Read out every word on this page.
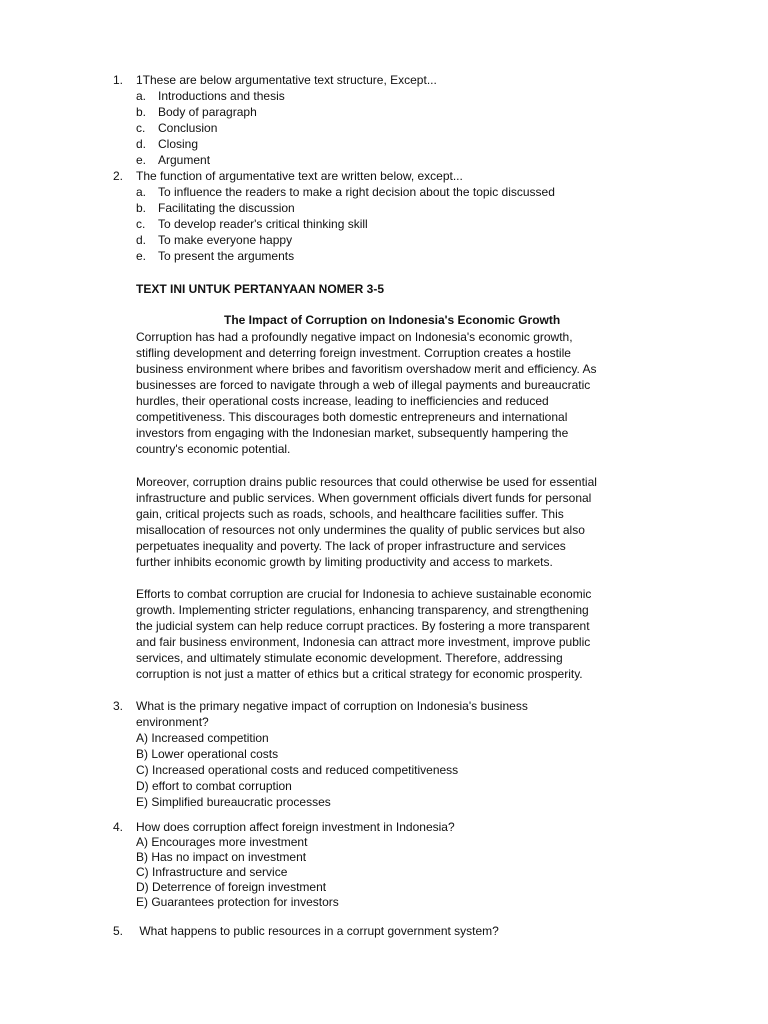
1. 1These are below argumentative text structure, Except...
a. Introductions and thesis
b. Body of paragraph
c. Conclusion
d. Closing
e. Argument
2. The function of argumentative text are written below, except...
a. To influence the readers to make a right decision about the topic discussed
b. Facilitating the discussion
c. To develop reader's critical thinking skill
d. To make everyone happy
e. To present the arguments
TEXT INI UNTUK PERTANYAAN NOMER 3-5
The Impact of Corruption on Indonesia's Economic Growth
Corruption has had a profoundly negative impact on Indonesia's economic growth,
stifling development and deterring foreign investment. Corruption creates a hostile
business environment where bribes and favoritism overshadow merit and efficiency. As
businesses are forced to navigate through a web of illegal payments and bureaucratic
hurdles, their operational costs increase, leading to inefficiencies and reduced
competitiveness. This discourages both domestic entrepreneurs and international
investors from engaging with the Indonesian market, subsequently hampering the
country's economic potential.
Moreover, corruption drains public resources that could otherwise be used for essential
infrastructure and public services. When government officials divert funds for personal
gain, critical projects such as roads, schools, and healthcare facilities suffer. This
misallocation of resources not only undermines the quality of public services but also
perpetuates inequality and poverty. The lack of proper infrastructure and services
further inhibits economic growth by limiting productivity and access to markets.
Efforts to combat corruption are crucial for Indonesia to achieve sustainable economic
growth. Implementing stricter regulations, enhancing transparency, and strengthening
the judicial system can help reduce corrupt practices. By fostering a more transparent
and fair business environment, Indonesia can attract more investment, improve public
services, and ultimately stimulate economic development. Therefore, addressing
corruption is not just a matter of ethics but a critical strategy for economic prosperity.
3. What is the primary negative impact of corruption on Indonesia's business
environment?
A) Increased competition
B) Lower operational costs
C) Increased operational costs and reduced competitiveness
D) effort to combat corruption
E) Simplified bureaucratic processes
4. How does corruption affect foreign investment in Indonesia?
A) Encourages more investment
B) Has no impact on investment
C) Infrastructure and service
D) Deterrence of foreign investment
E) Guarantees protection for investors
5. What happens to public resources in a corrupt government system?
